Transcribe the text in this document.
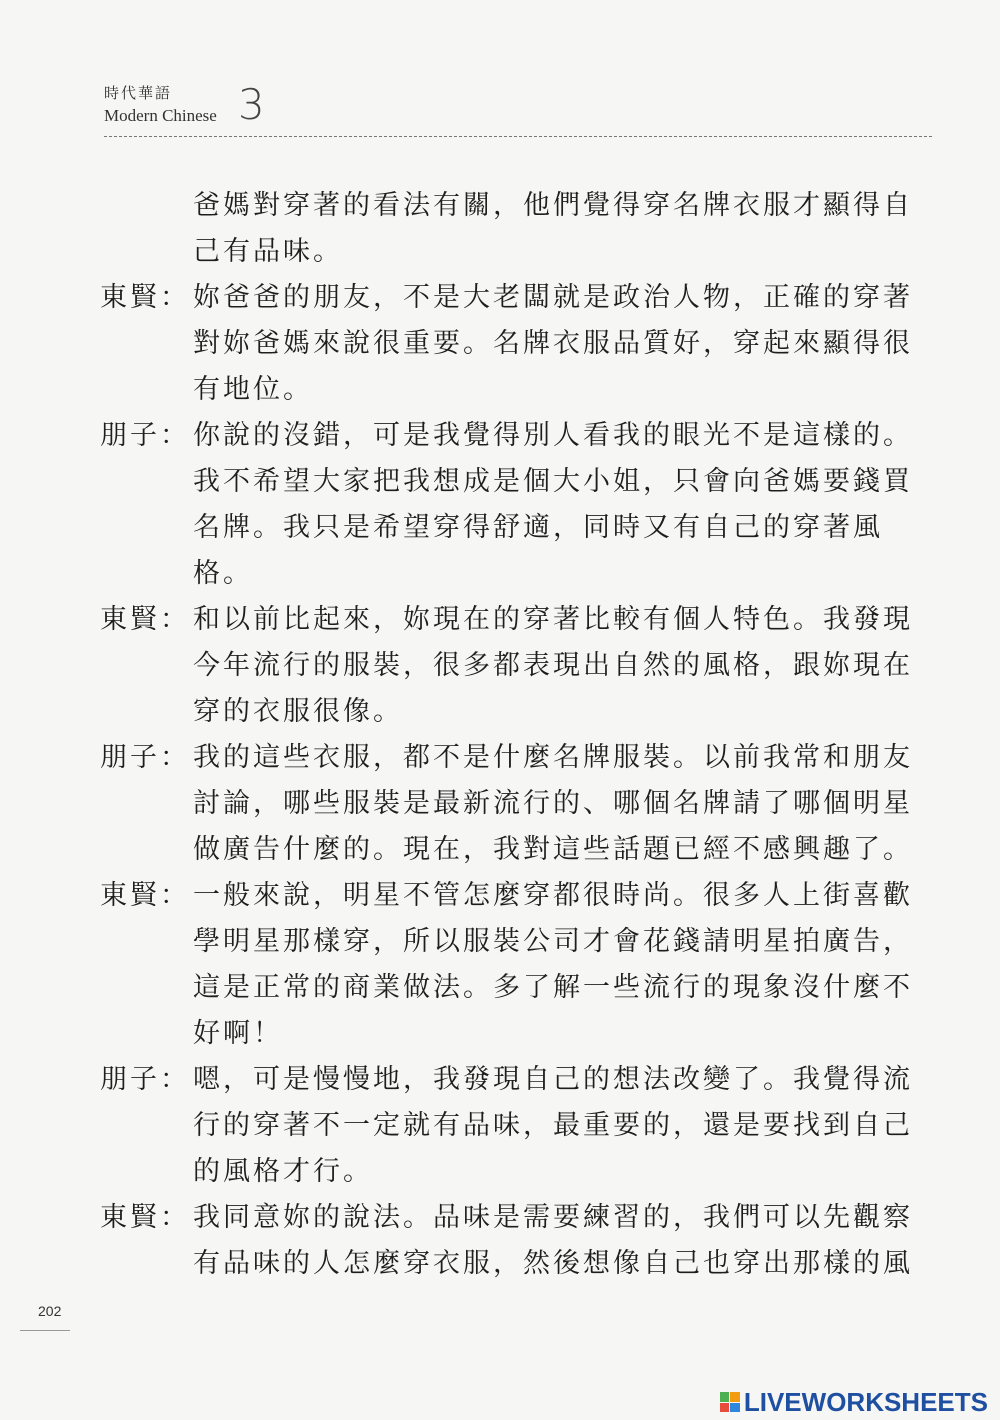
時代華語
Modern Chinese 3
爸媽對穿著的看法有關，他們覺得穿名牌衣服才顯得自
己有品味。
東賢： 妳爸爸的朋友，不是大老闆就是政治人物，正確的穿著
對妳爸媽來說很重要。名牌衣服品質好，穿起來顯得很
有地位。
朋子： 你說的沒錯，可是我覺得別人看我的眼光不是這樣的。
我不希望大家把我想成是個大小姐，只會向爸媽要錢買
名牌。我只是希望穿得舒適，同時又有自己的穿著風
格。
東賢： 和以前比起來，妳現在的穿著比較有個人特色。我發現
今年流行的服裝，很多都表現出自然的風格，跟妳現在
穿的衣服很像。
朋子： 我的這些衣服，都不是什麼名牌服裝。以前我常和朋友
討論，哪些服裝是最新流行的、哪個名牌請了哪個明星
做廣告什麼的。現在，我對這些話題已經不感興趣了。
東賢： 一般來說，明星不管怎麼穿都很時尚。很多人上街喜歡
學明星那樣穿，所以服裝公司才會花錢請明星拍廣告，
這是正常的商業做法。多了解一些流行的現象沒什麼不
好啊！
朋子： 嗯，可是慢慢地，我發現自己的想法改變了。我覺得流
行的穿著不一定就有品味，最重要的，還是要找到自己
的風格才行。
東賢： 我同意妳的說法。品味是需要練習的，我們可以先觀察
有品味的人怎麼穿衣服，然後想像自己也穿出那樣的風
202
LIVEWORKSHEETS
